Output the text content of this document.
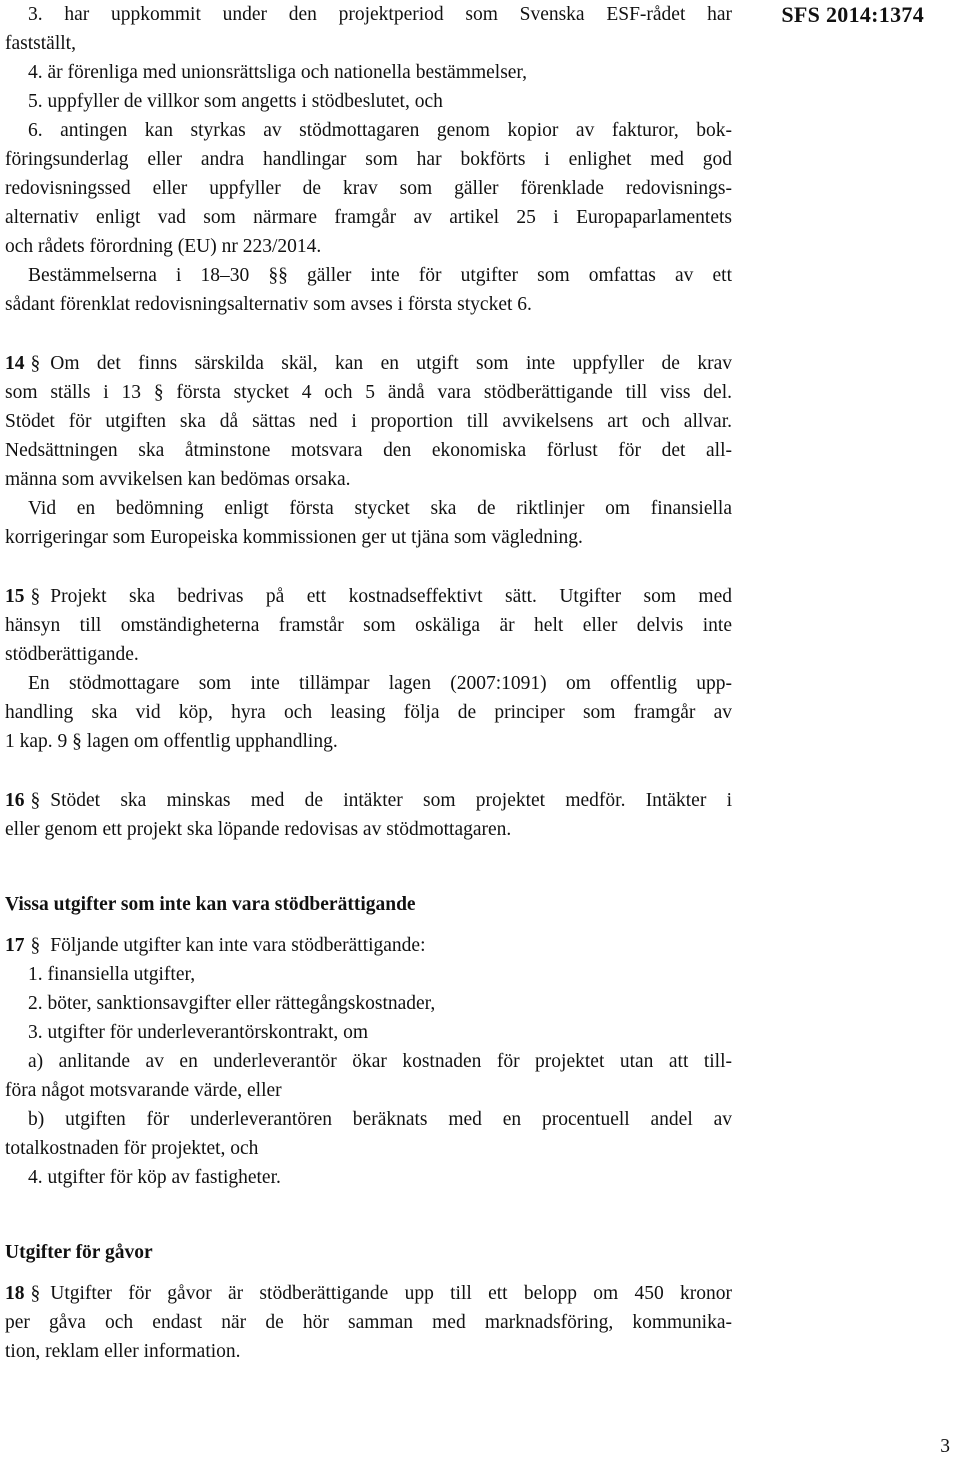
SFS 2014:1374
3. har uppkommit under den projektperiod som Svenska ESF-rådet har
fastställt,
4. är förenliga med unionsrättsliga och nationella bestämmelser,
5. uppfyller de villkor som angetts i stödbeslutet, och
6. antingen kan styrkas av stödmottagaren genom kopior av fakturor, bok-
föringsunderlag eller andra handlingar som har bokförts i enlighet med god
redovisningssed eller uppfyller de krav som gäller förenklade redovisnings-
alternativ enligt vad som närmare framgår av artikel 25 i Europaparlamentets
och rådets förordning (EU) nr 223/2014.
Bestämmelserna i 18–30 §§ gäller inte för utgifter som omfattas av ett
sådant förenklat redovisningsalternativ som avses i första stycket 6.
14 § Om det finns särskilda skäl, kan en utgift som inte uppfyller de krav
som ställs i 13 § första stycket 4 och 5 ändå vara stödberättigande till viss del.
Stödet för utgiften ska då sättas ned i proportion till avvikelsens art och allvar.
Nedsättningen ska åtminstone motsvara den ekonomiska förlust för det all-
männa som avvikelsen kan bedömas orsaka.
Vid en bedömning enligt första stycket ska de riktlinjer om finansiella
korrigeringar som Europeiska kommissionen ger ut tjäna som vägledning.
15 § Projekt ska bedrivas på ett kostnadseffektivt sätt. Utgifter som med
hänsyn till omständigheterna framstår som oskäliga är helt eller delvis inte
stödberättigande.
En stödmottagare som inte tillämpar lagen (2007:1091) om offentlig upp-
handling ska vid köp, hyra och leasing följa de principer som framgår av
1 kap. 9 § lagen om offentlig upphandling.
16 § Stödet ska minskas med de intäkter som projektet medför. Intäkter i
eller genom ett projekt ska löpande redovisas av stödmottagaren.
Vissa utgifter som inte kan vara stödberättigande
17 § Följande utgifter kan inte vara stödberättigande:
1. finansiella utgifter,
2. böter, sanktionsavgifter eller rättegångskostnader,
3. utgifter för underleverantörskontrakt, om
a) anlitande av en underleverantör ökar kostnaden för projektet utan att till-
föra något motsvarande värde, eller
b) utgiften för underleverantören beräknats med en procentuell andel av
totalkostnaden för projektet, och
4. utgifter för köp av fastigheter.
Utgifter för gåvor
18 § Utgifter för gåvor är stödberättigande upp till ett belopp om 450 kronor
per gåva och endast när de hör samman med marknadsföring, kommunika-
tion, reklam eller information.
3
